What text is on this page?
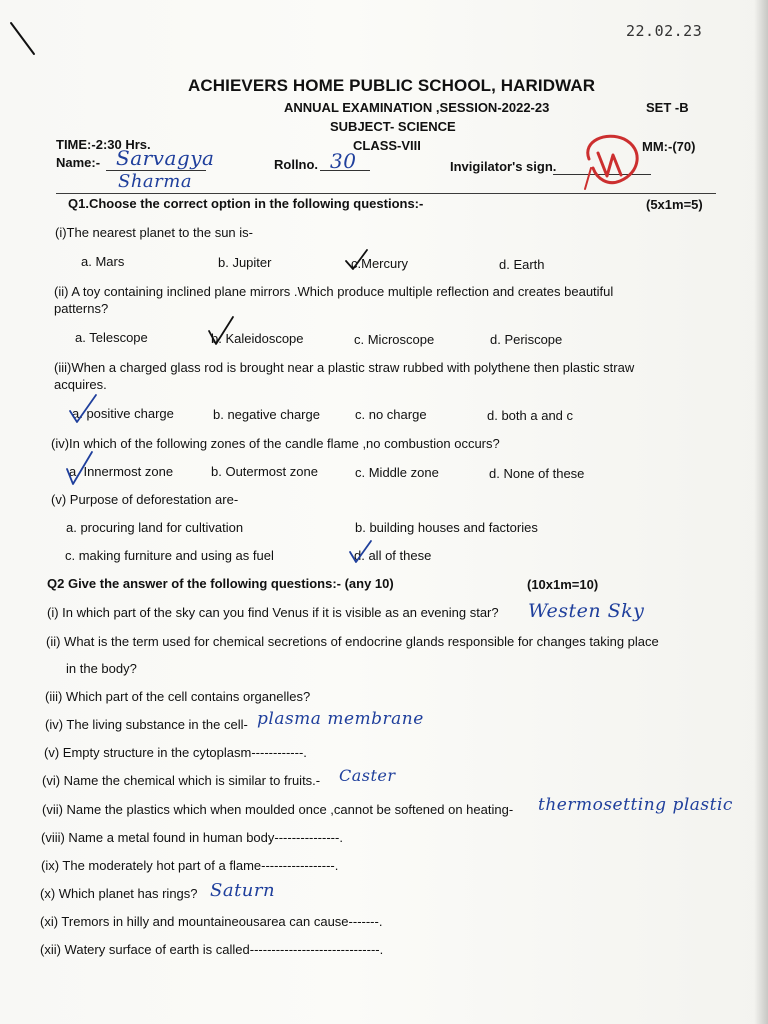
22.02.23
ACHIEVERS HOME PUBLIC SCHOOL, HARIDWAR
ANNUAL EXAMINATION ,SESSION-2022-23	SET -B
SUBJECT- SCIENCE
TIME:-2:30 Hrs.	CLASS-VIII	MM:-(70)
Name:- Sarvagya
Sharma
Rollno. 30	Invigilator's sign.
Q1.Choose the correct option in the following questions:-	(5x1m=5)
(i)The nearest planet to the sun is-
a. Mars	b. Jupiter	c.Mercury	d. Earth
(ii) A toy containing inclined plane mirrors .Which produce multiple reflection and creates beautiful
patterns?
a. Telescope	b. Kaleidoscope	c. Microscope	d. Periscope
(iii)When a charged glass rod is brought near a plastic straw rubbed with polythene then plastic straw
acquires.
a. positive charge	b. negative charge	c. no charge	d. both a and c
(iv)In which of the following zones of the candle flame ,no combustion occurs?
a. Innermost zone	b. Outermost zone	c. Middle zone	d. None of these
(v) Purpose of deforestation are-
a. procuring land for cultivation	b. building houses and factories
c. making furniture and using as fuel	d. all of these
Q2 Give the answer of the following questions:- (any 10)	(10x1m=10)
(i) In which part of the sky can you find Venus if it is visible as an evening star? Westen Sky
(ii) What is the term used for chemical secretions of endocrine glands responsible for changes taking place
in the body?
(iii) Which part of the cell contains organelles?
(iv) The living substance in the cell- plasma membrane
(v) Empty structure in the cytoplasm------------.
(vi) Name the chemical which is similar to fruits.- Caster
(vii) Name the plastics which when moulded once ,cannot be softened on heating- thermosetting plastic
(viii) Name a metal found in human body---------------.
(ix) The moderately hot part of a flame-----------------.
(x) Which planet has rings? Saturn
(xi) Tremors in hilly and mountaineousarea can cause-------.
(xii) Watery surface of earth is called------------------------------.
